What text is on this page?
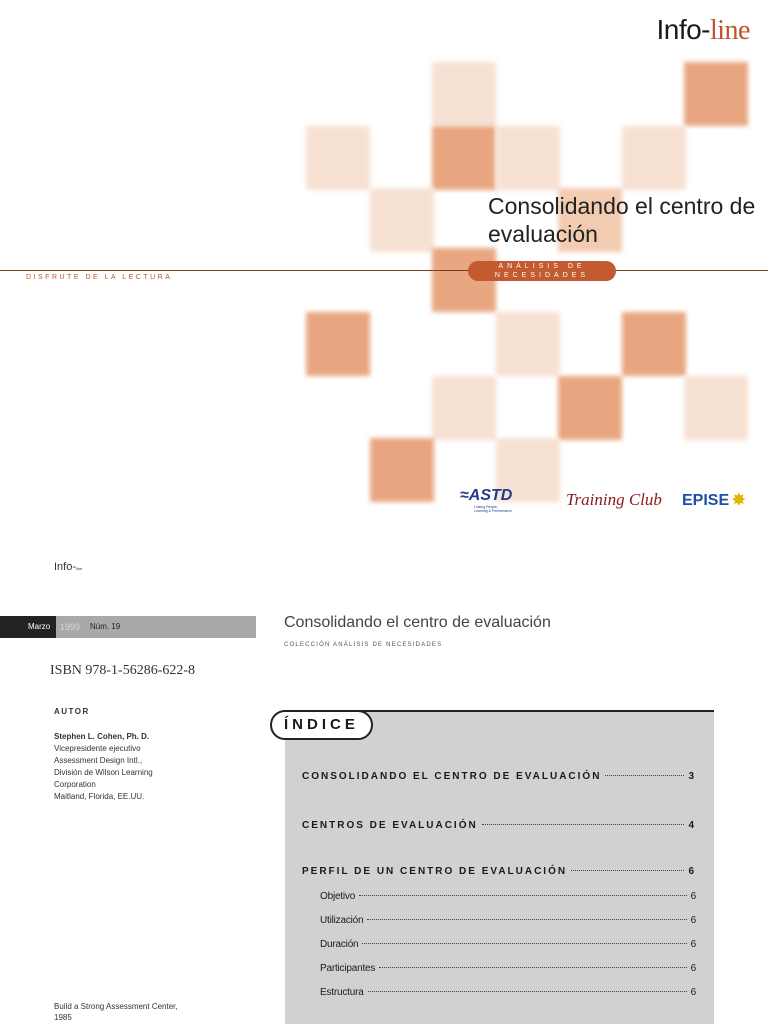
Info-line
Consolidando el centro de evaluación
DISFRUTE DE LA LECTURA
ANÁLISIS DE
NECESIDADES
≈ASTD
Linking People,
Learning & Performance
Training Club EPISE ✸
Info-line
Marzo	1999 Núm. 19
ISBN 978-1-56286-622-8
AUTOR
Stephen L. Cohen, Ph. D.
Vicepresidente ejecutivo
Assessment Design Intl.,
División de Wilson Learning
Corporation
Maitland, Florida, EE.UU.
Build a Strong Assessment Center,
1985
Consolidando el centro de evaluación
COLECCIÓN ANÁLISIS DE NECESIDADES
ÍNDICE
CONSOLIDANDO EL CENTRO DE EVALUACIÓN	3
CENTROS DE EVALUACIÓN	4
PERFIL DE UN CENTRO DE EVALUACIÓN	6
Objetivo	6
Utilización	6
Duración	6
Participantes	6
Estructura	6
